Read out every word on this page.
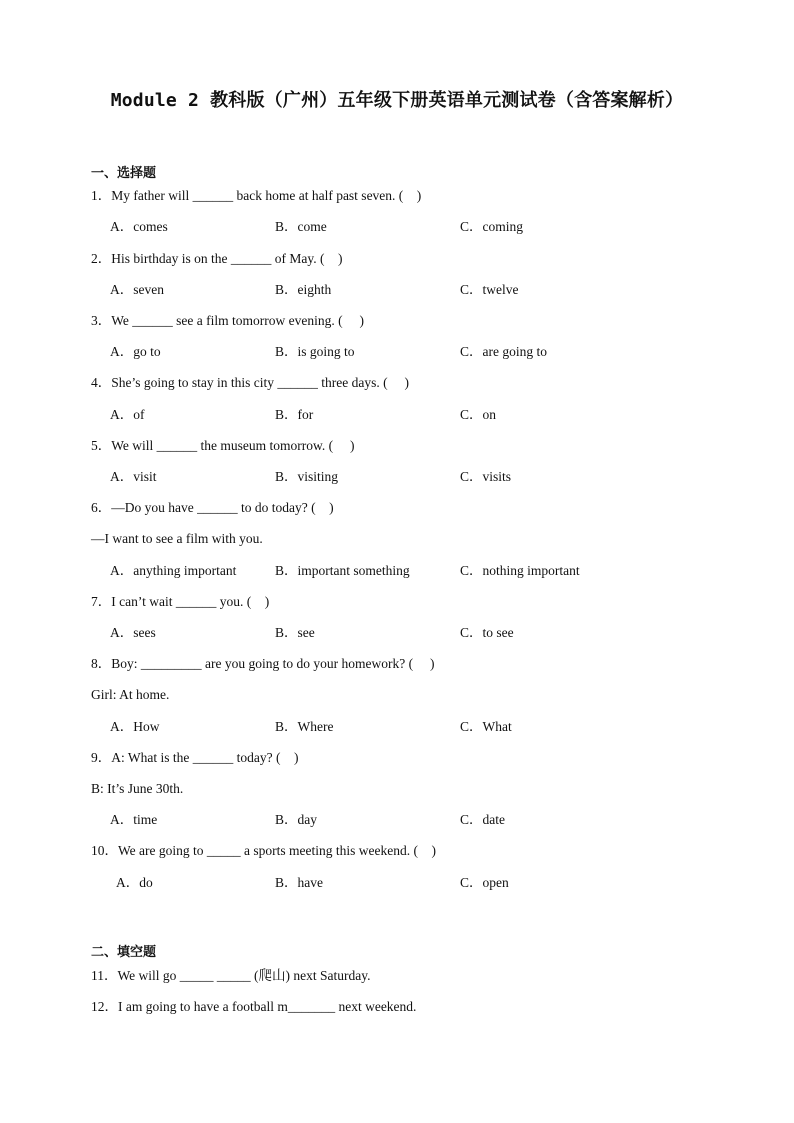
Module 2 教科版（广州）五年级下册英语单元测试卷（含答案解析）
一、选择题
1．My father will ______ back home at half past seven. (　)
A．comes	B．come	C．coming
2．His birthday is on the ______ of May. (　)
A．seven	B．eighth	C．twelve
3．We ______ see a film tomorrow evening. (　 )
A．go to	B．is going to	C．are going to
4．She’s going to stay in this city ______ three days. (　 )
A．of	B．for	C．on
5．We will ______ the museum tomorrow. (　 )
A．visit	B．visiting	C．visits
6．—Do you have ______ to do today? (　)
—I want to see a film with you.
A．anything important	B．important something	C．nothing important
7．I can’t wait ______ you. (　)
A．sees	B．see	C．to see
8．Boy: _________ are you going to do your homework? (　 )
Girl: At home.
A．How	B．Where	C．What
9．A: What is the ______ today? (　)
B: It’s June 30th.
A．time	B．day	C．date
10．We are going to _____ a sports meeting this weekend. (　)
A．do	B．have	C．open
二、填空题
11．We will go _____ _____ (爬山) next Saturday.
12．I am going to have a football m_______ next weekend.
